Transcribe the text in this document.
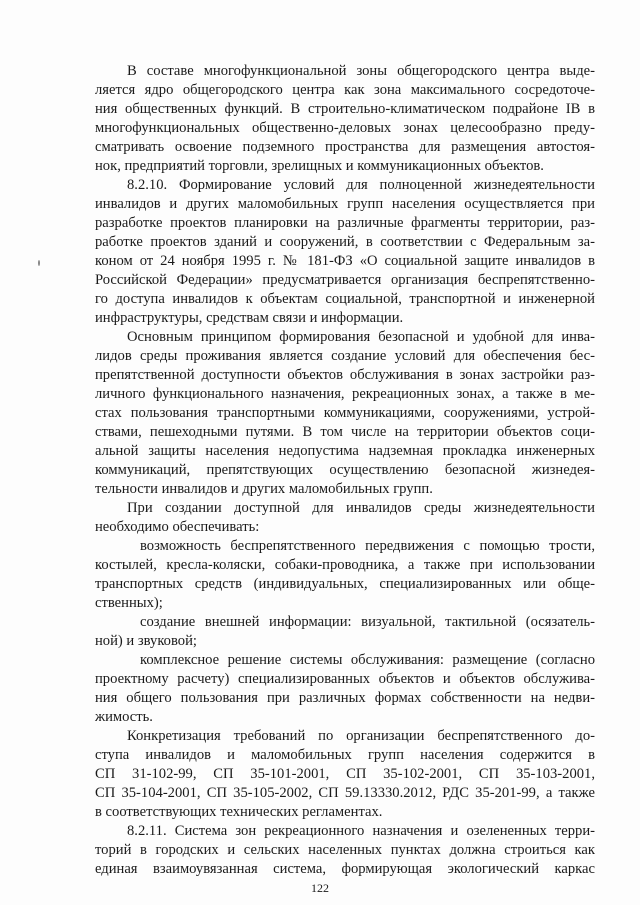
В составе многофункциональной зоны общегородского центра выде-
ляется ядро общегородского центра как зона максимального сосредоточе-
ния общественных функций. В строительно-климатическом подрайоне IB в
многофункциональных общественно-деловых зонах целесообразно преду-
сматривать освоение подземного пространства для размещения автостоя-
нок, предприятий торговли, зрелищных и коммуникационных объектов.
8.2.10. Формирование условий для полноценной жизнедеятельности
инвалидов и других маломобильных групп населения осуществляется при
разработке проектов планировки на различные фрагменты территории, раз-
работке проектов зданий и сооружений, в соответствии с Федеральным за-
коном от 24 ноября 1995 г. № 181-ФЗ «О социальной защите инвалидов в
Российской Федерации» предусматривается организация беспрепятственно-
го доступа инвалидов к объектам социальной, транспортной и инженерной
инфраструктуры, средствам связи и информации.
Основным принципом формирования безопасной и удобной для инва-
лидов среды проживания является создание условий для обеспечения бес-
препятственной доступности объектов обслуживания в зонах застройки раз-
личного функционального назначения, рекреационных зонах, а также в ме-
стах пользования транспортными коммуникациями, сооружениями, устрой-
ствами, пешеходными путями. В том числе на территории объектов соци-
альной защиты населения недопустима надземная прокладка инженерных
коммуникаций, препятствующих осуществлению безопасной жизнедея-
тельности инвалидов и других маломобильных групп.
При создании доступной для инвалидов среды жизнедеятельности
необходимо обеспечивать:
возможность беспрепятственного передвижения с помощью трости,
костылей, кресла-коляски, собаки-проводника, а также при использовании
транспортных средств (индивидуальных, специализированных или обще-
ственных);
создание внешней информации: визуальной, тактильной (осязатель-
ной) и звуковой;
комплексное решение системы обслуживания: размещение (согласно
проектному расчету) специализированных объектов и объектов обслужива-
ния общего пользования при различных формах собственности на недви-
жимость.
Конкретизация требований по организации беспрепятственного до-
ступа инвалидов и маломобильных групп населения содержится в
СП 31-102-99, СП 35-101-2001, СП 35-102-2001, СП 35-103-2001,
СП 35-104-2001, СП 35-105-2002, СП 59.13330.2012, РДС 35-201-99, а также
в соответствующих технических регламентах.
8.2.11. Система зон рекреационного назначения и озелененных терри-
торий в городских и сельских населенных пунктах должна строиться как
единая взаимоувязанная система, формирующая экологический каркас
122
